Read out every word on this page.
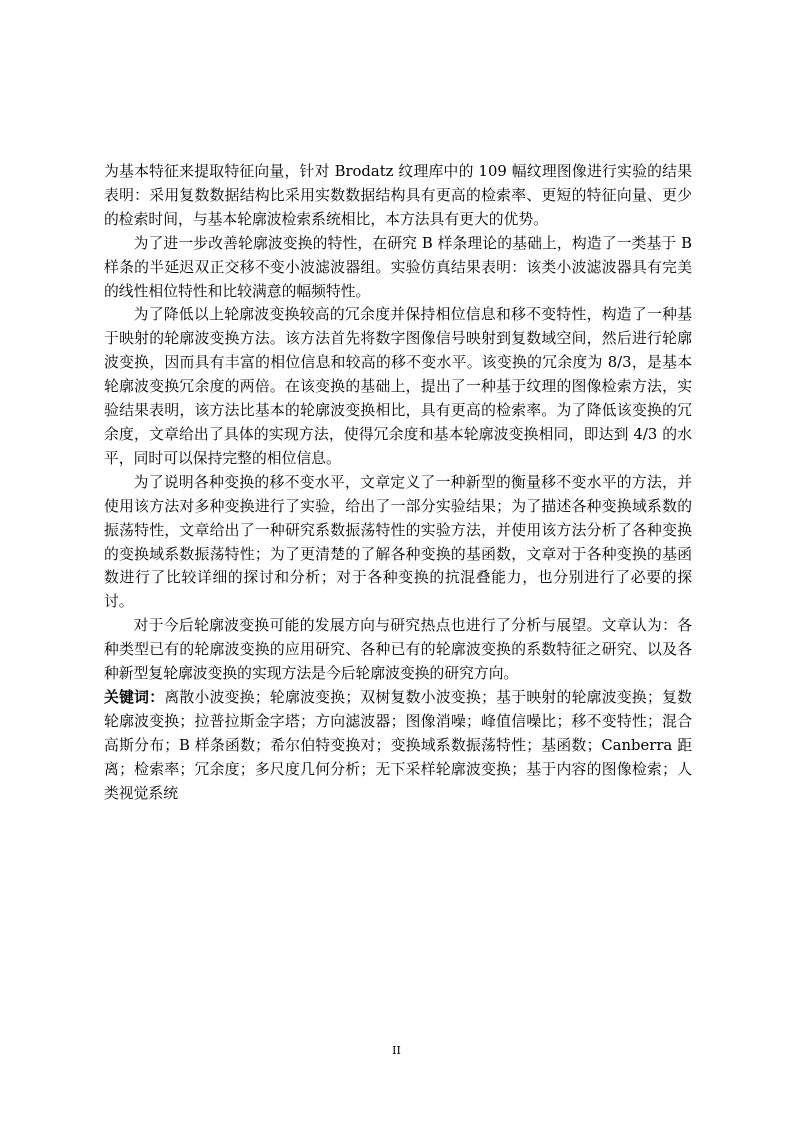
为基本特征来提取特征向量，针对 Brodatz 纹理库中的 109 幅纹理图像进行实验的结果表明：采用复数数据结构比采用实数数据结构具有更高的检索率、更短的特征向量、更少的检索时间，与基本轮廓波检索系统相比，本方法具有更大的优势。

为了进一步改善轮廓波变换的特性，在研究 B 样条理论的基础上，构造了一类基于 B 样条的半延迟双正交移不变小波滤波器组。实验仿真结果表明：该类小波滤波器具有完美的线性相位特性和比较满意的幅频特性。

为了降低以上轮廓波变换较高的冗余度并保持相位信息和移不变特性，构造了一种基于映射的轮廓波变换方法。该方法首先将数字图像信号映射到复数域空间，然后进行轮廓波变换，因而具有丰富的相位信息和较高的移不变水平。该变换的冗余度为 8/3，是基本轮廓波变换冗余度的两倍。在该变换的基础上，提出了一种基于纹理的图像检索方法，实验结果表明，该方法比基本的轮廓波变换相比，具有更高的检索率。为了降低该变换的冗余度，文章给出了具体的实现方法，使得冗余度和基本轮廓波变换相同，即达到 4/3 的水平，同时可以保持完整的相位信息。

为了说明各种变换的移不变水平，文章定义了一种新型的衡量移不变水平的方法，并使用该方法对多种变换进行了实验，给出了一部分实验结果；为了描述各种变换域系数的振荡特性，文章给出了一种研究系数振荡特性的实验方法，并使用该方法分析了各种变换的变换域系数振荡特性；为了更清楚的了解各种变换的基函数，文章对于各种变换的基函数进行了比较详细的探讨和分析；对于各种变换的抗混叠能力，也分别进行了必要的探讨。

对于今后轮廓波变换可能的发展方向与研究热点也进行了分析与展望。文章认为：各种类型已有的轮廓波变换的应用研究、各种已有的轮廓波变换的系数特征之研究、以及各种新型复轮廓波变换的实现方法是今后轮廓波变换的研究方向。

关键词：离散小波变换；轮廓波变换；双树复数小波变换；基于映射的轮廓波变换；复数轮廓波变换；拉普拉斯金字塔；方向滤波器；图像消噪；峰值信噪比；移不变特性；混合高斯分布；B 样条函数；希尔伯特变换对；变换域系数振荡特性；基函数；Canberra 距离；检索率；冗余度；多尺度几何分析；无下采样轮廓波变换；基于内容的图像检索；人类视觉系统

II
